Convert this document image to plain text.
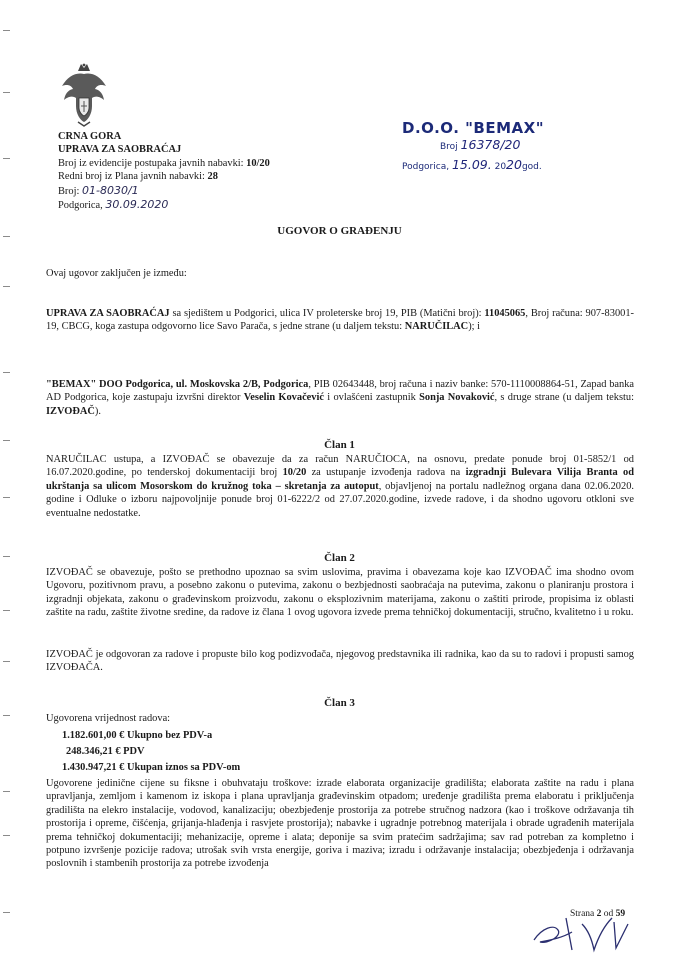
CRNA GORA
UPRAVA ZA SAOBRAĆAJ
Broj iz evidencije postupaka javnih nabavki: 10/20
Redni broj iz Plana javnih nabavki: 28
Broj: 01-8030/1
Podgorica, 30.09.2020
D.O.O. "BEMAX"
Broj 16378/20
Podgorica, 15.09. 2020god.
UGOVOR O GRAĐENJU
Ovaj ugovor zaključen je između:
UPRAVA ZA SAOBRAĆAJ sa sjedištem u Podgorici, ulica IV proleterske broj 19, PIB (Matični broj): 11045065, Broj računa: 907-83001-19, CBCG, koga zastupa odgovorno lice Savo Parača, s jedne strane (u daljem tekstu: NARUČILAC); i
"BEMAX" DOO Podgorica, ul. Moskovska 2/B, Podgorica, PIB 02643448, broj računa i naziv banke: 570-1110008864-51, Zapad banka AD Podgorica, koje zastupaju izvršni direktor Veselin Kovačević i ovlašćeni zastupnik Sonja Novaković, s druge strane (u daljem tekstu: IZVOĐAČ).
Član 1
NARUČILAC ustupa, a IZVOĐAČ se obavezuje da za račun NARUČIOCA, na osnovu, predate ponude broj 01-5852/1 od 16.07.2020.godine, po tenderskoj dokumentaciji broj 10/20 za ustupanje izvođenja radova na izgradnji Bulevara Vilija Branta od ukrštanja sa ulicom Mosorskom do kružnog toka – skretanja za autoput, objavljenoj na portalu nadležnog organa dana 02.06.2020. godine i Odluke o izboru najpovoljnije ponude broj 01-6222/2 od 27.07.2020.godine, izvede radove, i da shodno ugovoru otkloni sve eventualne nedostatke.
Član 2
IZVOĐAČ se obavezuje, pošto se prethodno upoznao sa svim uslovima, pravima i obavezama koje kao IZVOĐAČ ima shodno ovom Ugovoru, pozitivnom pravu, a posebno zakonu o putevima, zakonu o bezbjednosti saobraćaja na putevima, zakonu o planiranju prostora i izgradnji objekata, zakonu o građevinskom proizvodu, zakonu o eksplozivnim materijama, zakonu o zaštiti prirode, propisima iz oblasti zaštite na radu, zaštite životne sredine, da radove iz člana 1 ovog ugovora izvede prema tehničkoj dokumentaciji, stručno, kvalitetno i u roku.
IZVOĐAČ je odgovoran za radove i propuste bilo kog podizvođača, njegovog predstavnika ili radnika, kao da su to radovi i propusti samog IZVOĐAČA.
Član 3
Ugovorena vrijednost radova:
1.182.601,00 € Ukupno bez PDV-a
248.346,21 € PDV
1.430.947,21 € Ukupan iznos sa PDV-om
Ugovorene jedinične cijene su fiksne i obuhvataju troškove: izrade elaborata organizacije gradilišta; elaborata zaštite na radu i plana upravljanja, zemljom i kamenom iz iskopa i plana upravljanja građevinskim otpadom; uređenje gradilišta prema elaboratu i priključenja gradilišta na elekro instalacije, vodovod, kanalizaciju; obezbjeđenje prostorija za potrebe stručnog nadzora (kao i troškove održavanja tih prostorija i opreme, čišćenja, grijanja-hlađenja i rasvjete prostorija); nabavke i ugradnje potrebnog materijala i obrade ugrađenih materijala prema tehničkoj dokumentaciji; mehanizacije, opreme i alata; deponije sa svim pratećim sadržajima; sav rad potreban za kompletno i potpuno izvršenje pozicije radova; utrošak svih vrsta energije, goriva i maziva; izradu i održavanje instalacija; obezbjeđenja i održavanja poslovnih i stambenih prostorija za potrebe izvođenja
Strana 2 od 59
